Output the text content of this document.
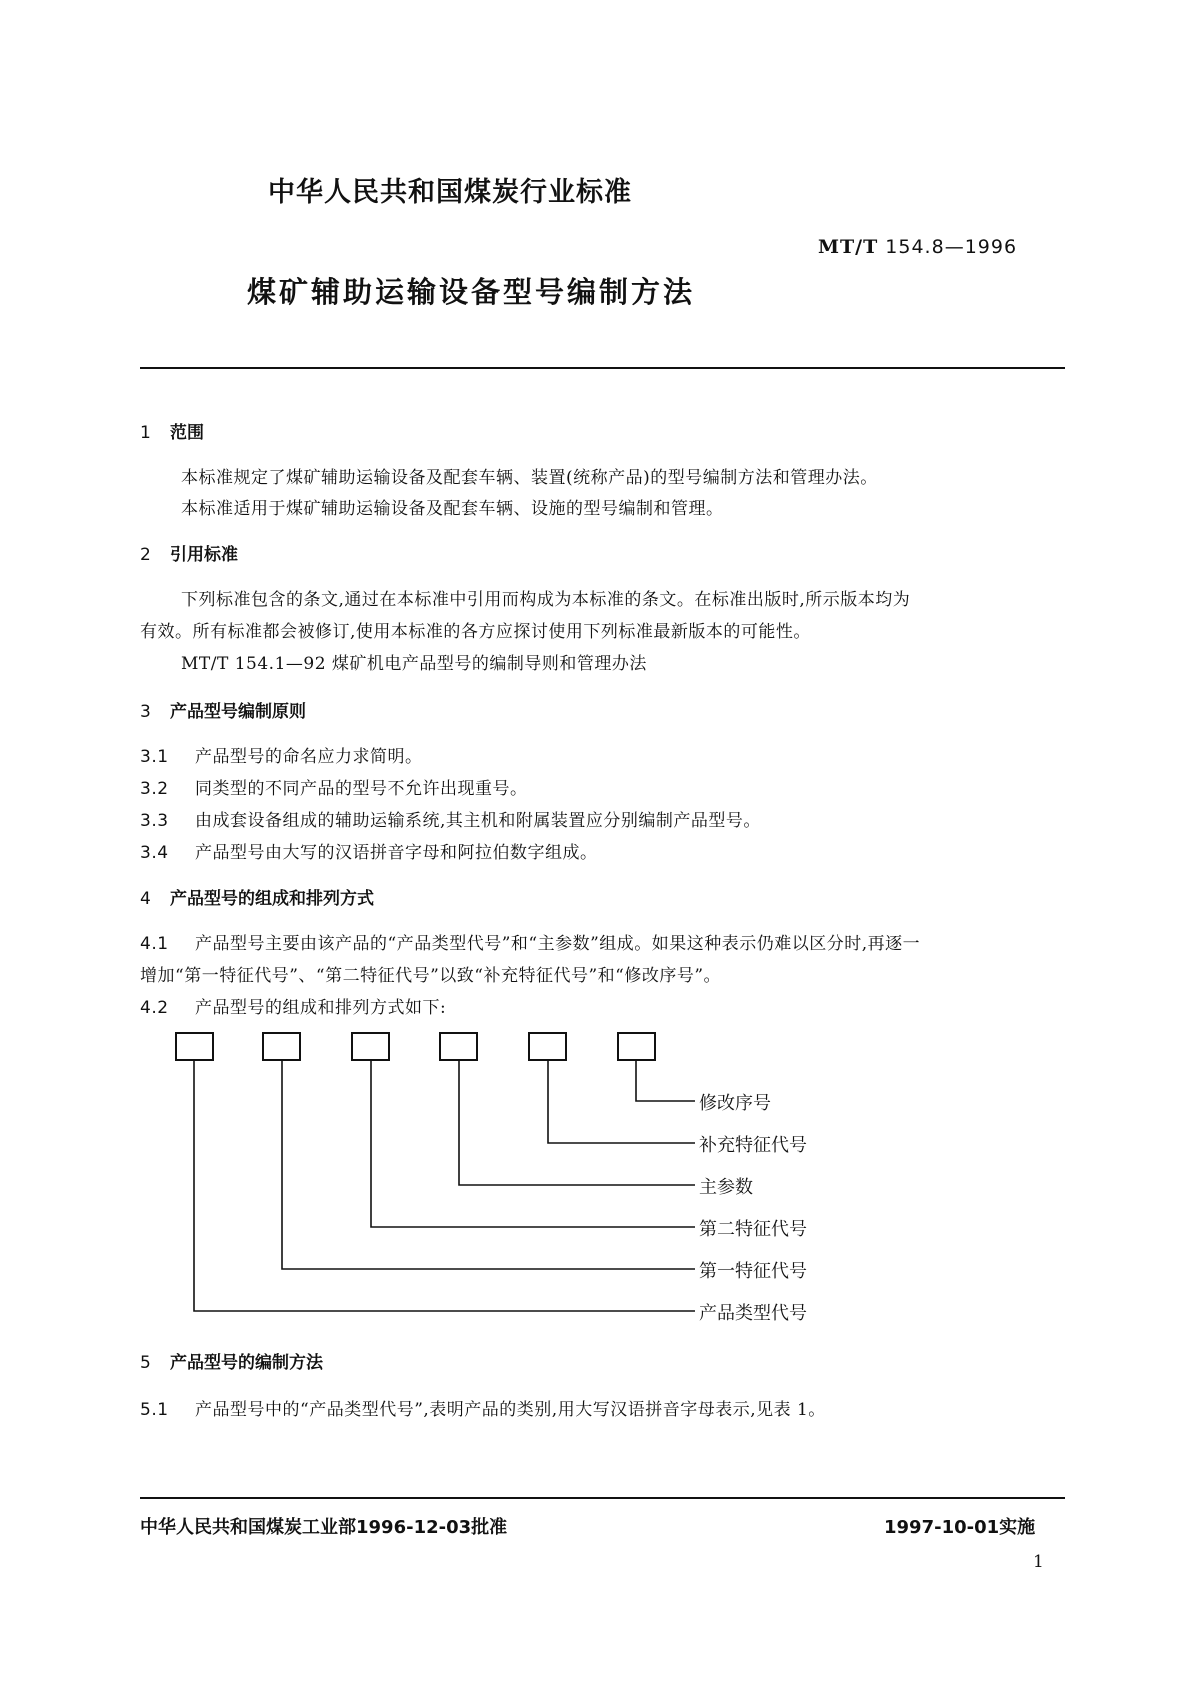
中华人民共和国煤炭行业标准
MT/T 154.8—1996
煤矿辅助运输设备型号编制方法
1 范围
本标准规定了煤矿辅助运输设备及配套车辆、装置(统称产品)的型号编制方法和管理办法。
本标准适用于煤矿辅助运输设备及配套车辆、设施的型号编制和管理。
2 引用标准
下列标准包含的条文,通过在本标准中引用而构成为本标准的条文。在标准出版时,所示版本均为
有效。所有标准都会被修订,使用本标准的各方应探讨使用下列标准最新版本的可能性。
MT/T 154.1—92 煤矿机电产品型号的编制导则和管理办法
3 产品型号编制原则
3.1 产品型号的命名应力求简明。
3.2 同类型的不同产品的型号不允许出现重号。
3.3 由成套设备组成的辅助运输系统,其主机和附属装置应分别编制产品型号。
3.4 产品型号由大写的汉语拼音字母和阿拉伯数字组成。
4 产品型号的组成和排列方式
4.1 产品型号主要由该产品的“产品类型代号”和“主参数”组成。如果这种表示仍难以区分时,再逐一
增加“第一特征代号”、“第二特征代号”以致“补充特征代号”和“修改序号”。
4.2 产品型号的组成和排列方式如下:
修改序号
补充特征代号
主参数
第二特征代号
第一特征代号
产品类型代号
5 产品型号的编制方法
5.1 产品型号中的“产品类型代号”,表明产品的类别,用大写汉语拼音字母表示,见表 1。
中华人民共和国煤炭工业部1996-12-03批准	1997-10-01实施
1
